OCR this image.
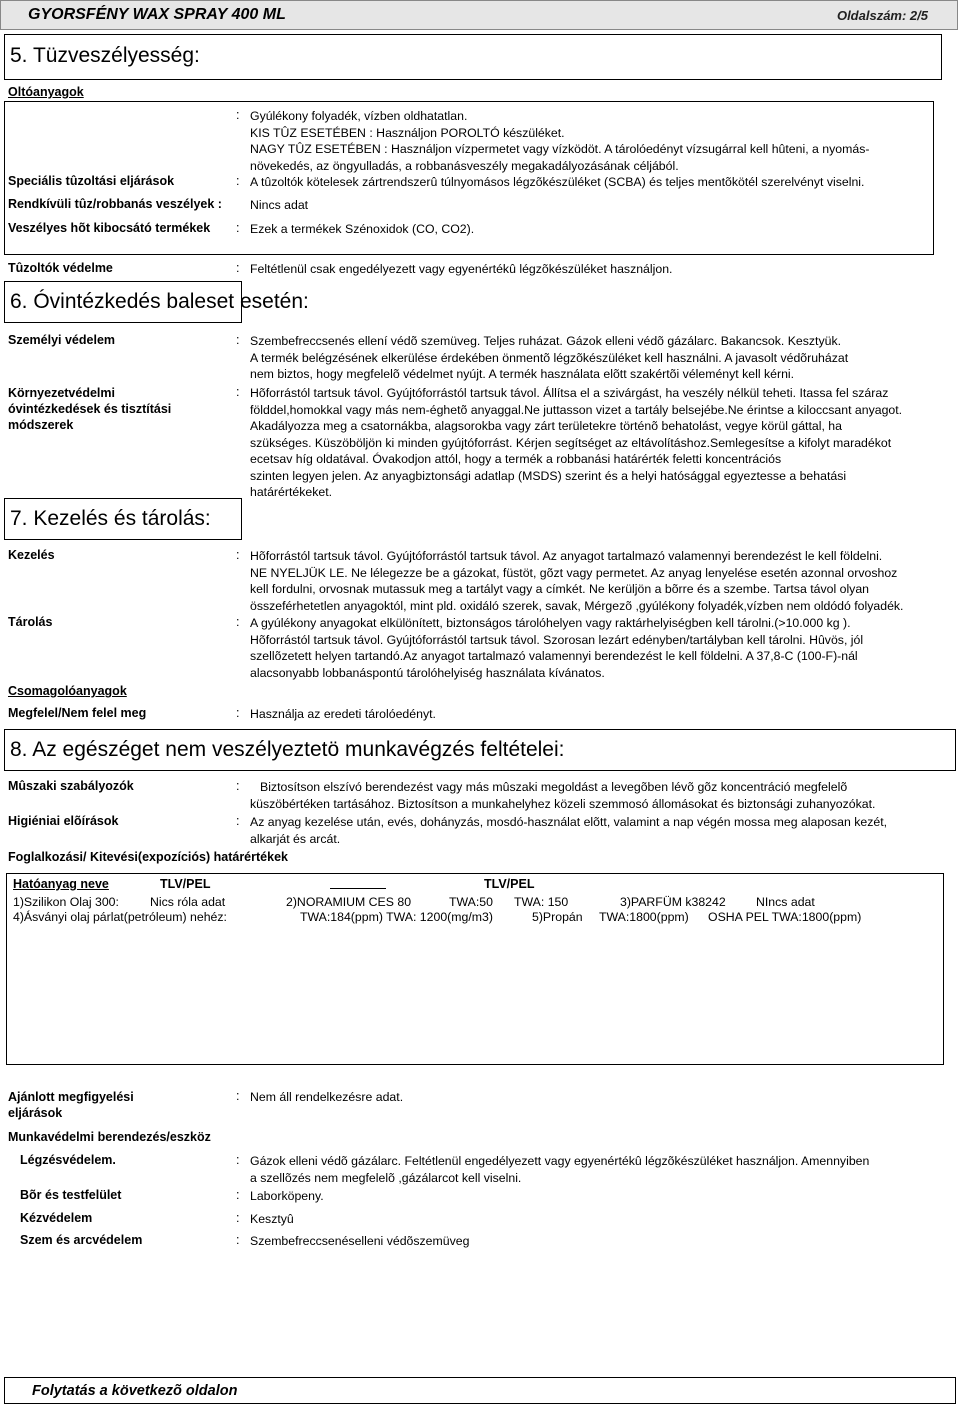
GYORSFÉNY WAX SPRAY 400 ML	Oldalszám: 2/5
5. Tüzveszélyesség:
Oltóanyagok
: Gyúlékony folyadék, vízben oldhatatlan.
KIS TÛZ ESETÉBEN : Használjon POROLTÓ készüléket.
NAGY TÛZ ESETÉBEN : Használjon vízpermetet vagy vízködöt. A tárolóedényt vízsugárral kell hûteni, a nyomás-
növekedés, az öngyulladás, a robbanásveszély megakadályozásának céljából.
Speciális tûzoltási eljárások	: A tûzoltók kötelesek zártrendszerû túlnyomásos légzõkészüléket (SCBA) és teljes mentõkötél szerelvényt viselni.
Rendkívüli tûz/robbanás veszélyek : Nincs adat
Veszélyes hõt kibocsátó termékek : Ezek a termékek Szénoxidok (CO, CO2).
Tûzoltók védelme	: Feltétlenül csak engedélyezett vagy egyenértékû légzõkészüléket használjon.
6. Óvintézkedés baleset esetén:
Személyi védelem	: Szembefreccsenés ellení védõ szemüveg. Teljes ruházat. Gázok elleni védõ gázálarc. Bakancsok. Kesztyük.
A termék belégzésének elkerülése érdekében önmentõ légzõkészüléket kell használni. A javasolt védõruházat
nem biztos, hogy megfelelõ védelmet nyújt. A termék használata elõtt szakértõi véleményt kell kérni.
Környezetvédelmi
óvintézkedések és tisztítási
módszerek
: Hõforrástól tartsuk távol. Gyújtóforrástól tartsuk távol. Állítsa el a szivárgást, ha veszély nélkül teheti. Itassa fel száraz
földdel,homokkal vagy más nem-éghetõ anyaggal.Ne juttasson vizet a tartály belsejébe.Ne érintse a kiloccsant anyagot.
Akadályozza meg a csatornákba, alagsorokba vagy zárt területekre történõ behatolást, vegye körül gáttal, ha
szükséges. Küszöböljön ki minden gyújtóforrást. Kérjen segítséget az eltávolításhoz.Semlegesítse a kifolyt maradékot
ecetsav híg oldatával. Óvakodjon attól, hogy a termék a robbanási határérték feletti koncentrációs
szinten legyen jelen. Az anyagbiztonsági adatlap (MSDS) szerint és a helyi hatósággal egyeztesse a behatási
határértékeket.
7. Kezelés és tárolás:
Kezelés	: Hõforrástól tartsuk távol. Gyújtóforrástól tartsuk távol. Az anyagot tartalmazó valamennyi berendezést le kell földelni.
NE NYELJÜK LE. Ne lélegezze be a gázokat, füstöt, gõzt vagy permetet. Az anyag lenyelése esetén azonnal orvoshoz
kell fordulni, orvosnak mutassuk meg a tartályt vagy a címkét. Ne kerüljön a bõrre és a szembe. Tartsa távol olyan
összeférhetetlen anyagoktól, mint pld. oxidáló szerek, savak, Mérgezõ ,gyúlékony folyadék,vízben nem oldódó folyadék.
Tárolás	: A gyúlékony anyagokat elkülönített, biztonságos tárolóhelyen vagy raktárhelyiségben kell tárolni.(>10.000 kg ).
Hõforrástól tartsuk távol. Gyújtóforrástól tartsuk távol. Szorosan lezárt edényben/tartályban kell tárolni. Hûvös, jól
szellõzetett helyen tartandó.Az anyagot tartalmazó valamennyi berendezést le kell földelni. A 37,8-C (100-F)-nál
alacsonyabb lobbanáspontú tárolóhelyiség használata kívánatos.
Csomagolóanyagok
Megfelel/Nem felel meg	: Használja az eredeti tárolóedényt.
8. Az egészéget nem veszélyeztetö munkavégzés feltételei:
Mûszaki szabályozók	:	Biztosítson elszívó berendezést vagy más mûszaki megoldást a levegõben lévõ gõz koncentráció megfelelõ
küszöbértéken tartásához. Biztosítson a munkahelyhez közeli szemmosó állomásokat és biztonsági zuhanyozókat.
Higiéniai elõírások	: Az anyag kezelése után, evés, dohányzás, mosdó-használat elõtt, valamint a nap végén mossa meg alaposan kezét,
alkarját és arcát.
Foglalkozási/ Kitevési(expozíciós) határértékek
Hatóanyag neve	TLV/PEL	TLV/PEL
1)Szilikon Olaj 300:	Nics róla adat	2)NORAMIUM CES 80	TWA:50 TWA: 150	3)PARFÜM k38242 NIncs adat
4)Ásványi olaj párlat(petróleum) nehéz:	TWA:184(ppm) TWA: 1200(mg/m3)	5)Propán TWA:1800(ppm) OSHA PEL TWA:1800(ppm)
Ajánlott megfigyelési
eljárások
: Nem áll rendelkezésre adat.
Munkavédelmi berendezés/eszköz
Légzésvédelem.	: Gázok elleni védõ gázálarc. Feltétlenül engedélyezett vagy egyenértékû légzõkészüléket használjon. Amennyiben
a szellõzés nem megfelelõ ,gázálarcot kell viselni.
Bõr és testfelület	: Laborköpeny.
Kézvédelem	: Kesztyû
Szem és arcvédelem	: Szembefreccsenéselleni védõszemüveg
Folytatás a következõ oldalon
